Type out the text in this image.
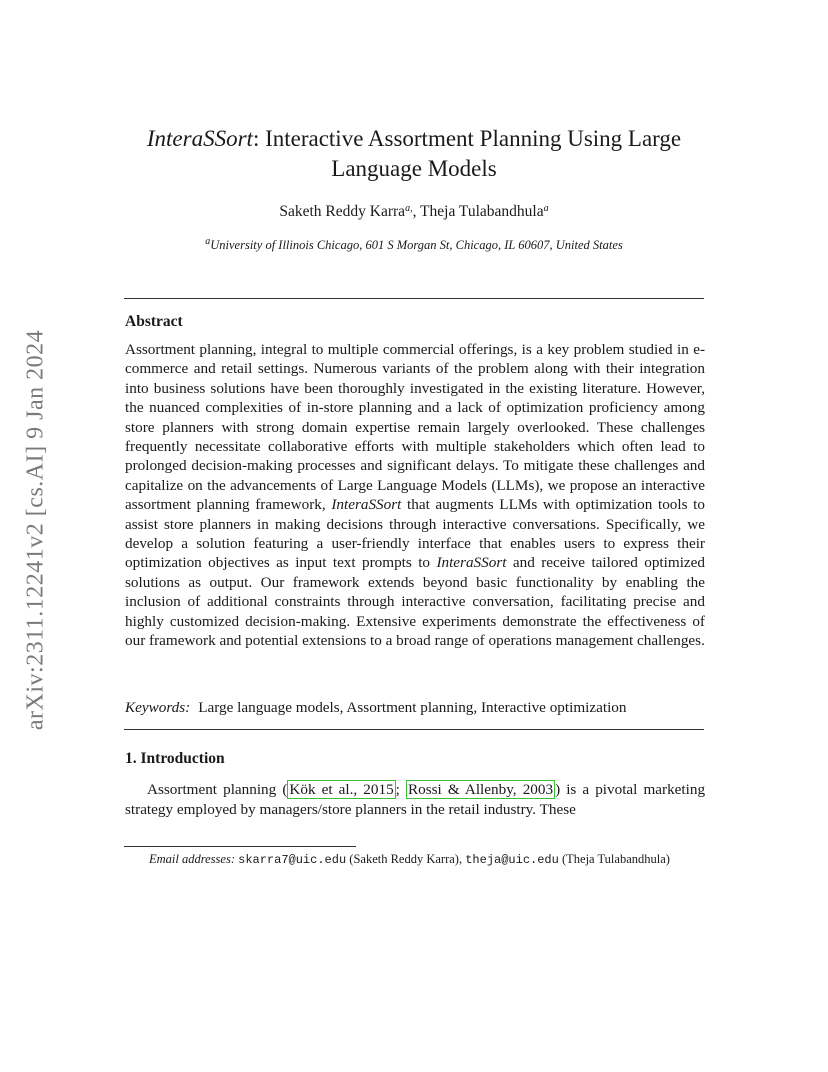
arXiv:2311.12241v2 [cs.AI] 9 Jan 2024
InteraSSort: Interactive Assortment Planning Using Large Language Models
Saketh Reddy Karra$^{a,}$, Theja Tulabandhula$^a$
$^a$University of Illinois Chicago, 601 S Morgan St, Chicago, IL 60607, United States
Abstract
Assortment planning, integral to multiple commercial offerings, is a key problem studied in e-commerce and retail settings. Numerous variants of the problem along with their integration into business solutions have been thoroughly investigated in the existing literature. However, the nuanced complexities of in-store planning and a lack of optimization proficiency among store planners with strong domain expertise remain largely overlooked. These challenges frequently necessitate collaborative efforts with multiple stakeholders which often lead to prolonged decision-making processes and significant delays. To mitigate these challenges and capitalize on the advancements of Large Language Models (LLMs), we propose an interactive assortment planning framework, InteraSSort that augments LLMs with optimization tools to assist store planners in making decisions through interactive conversations. Specifically, we develop a solution featuring a user-friendly interface that enables users to express their optimization objectives as input text prompts to InteraSSort and receive tailored optimized solutions as output. Our framework extends beyond basic functionality by enabling the inclusion of additional constraints through interactive conversation, facilitating precise and highly customized decision-making. Extensive experiments demonstrate the effectiveness of our framework and potential extensions to a broad range of operations management challenges.
Keywords: Large language models, Assortment planning, Interactive optimization
1. Introduction
Assortment planning ( Kök et al., 2015 ; Rossi & Allenby, 2003 ) is a pivotal marketing strategy employed by managers/store planners in the retail industry. These
Email addresses: skarra7@uic.edu (Saketh Reddy Karra), theja@uic.edu (Theja Tulabandhula)
